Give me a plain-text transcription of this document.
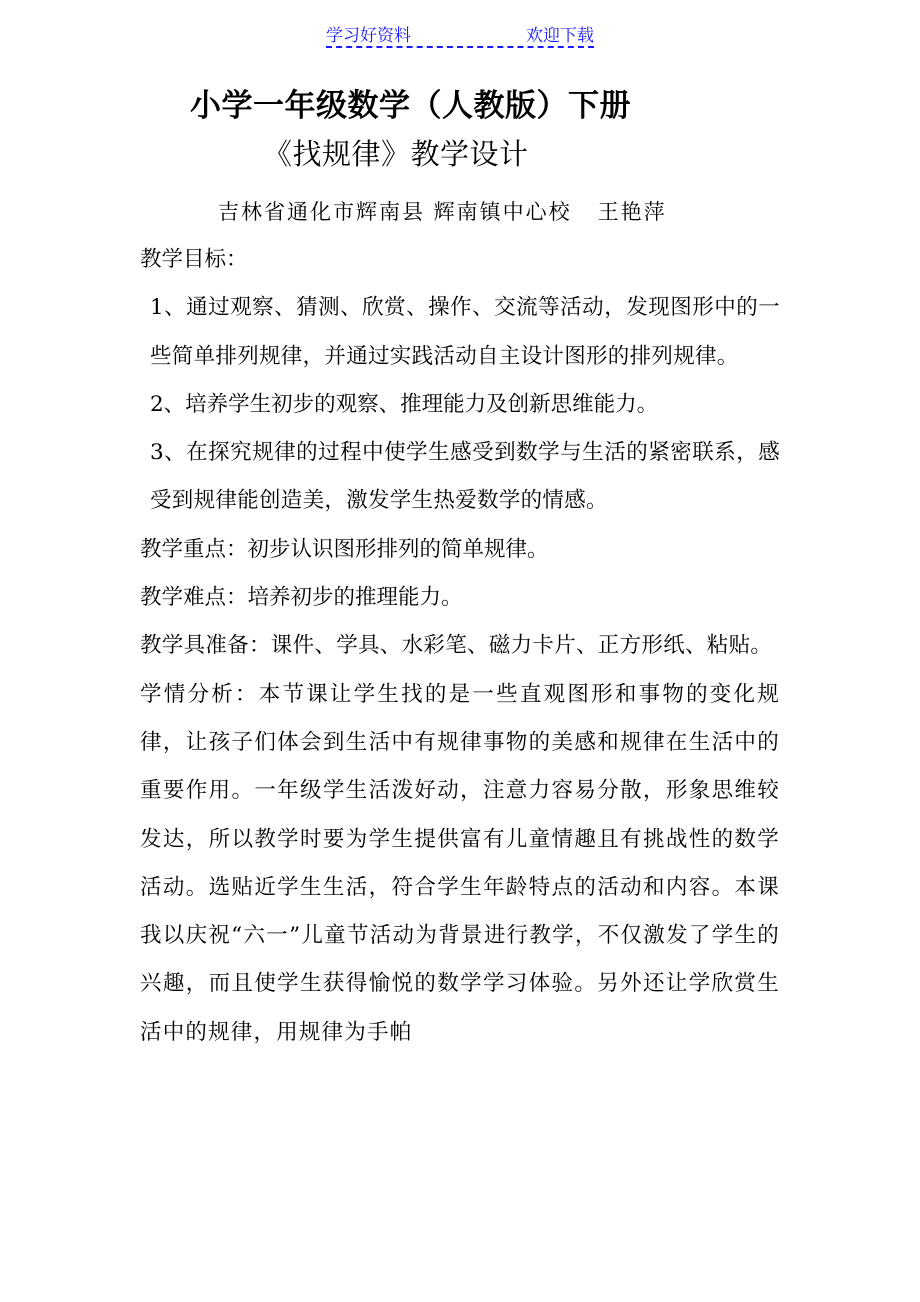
学习好资料	欢迎下载
小学一年级数学（人教版）下册
《找规律》教学设计
吉林省通化市辉南县 辉南镇中心校 王艳萍

教学目标：

1、通过观察、猜测、欣赏、操作、交流等活动，发现图形中的一些简单排列规律，并通过实践活动自主设计图形的排列规律。

2、培养学生初步的观察、推理能力及创新思维能力。

3、在探究规律的过程中使学生感受到数学与生活的紧密联系，感受到规律能创造美，激发学生热爱数学的情感。

教学重点：初步认识图形排列的简单规律。

教学难点：培养初步的推理能力。

教学具准备：课件、学具、水彩笔、磁力卡片、正方形纸、粘贴。

学情分析：本节课让学生找的是一些直观图形和事物的变化规律，让孩子们体会到生活中有规律事物的美感和规律在生活中的重要作用。一年级学生活泼好动，注意力容易分散，形象思维较发达，所以教学时要为学生提供富有儿童情趣且有挑战性的数学活动。选贴近学生生活，符合学生年龄特点的活动和内容。本课我以庆祝“六一”儿童节活动为背景进行教学，不仅激发了学生的兴趣，而且使学生获得愉悦的数学学习体验。另外还让学欣赏生活中的规律，用规律为手帕
